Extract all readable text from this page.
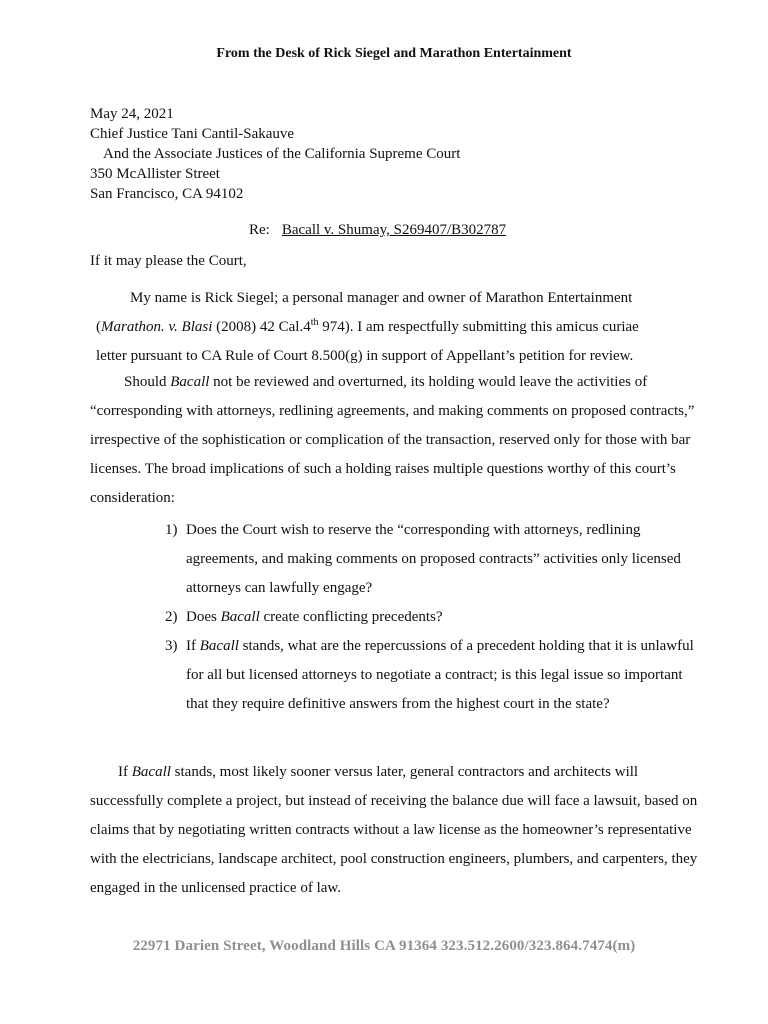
From the Desk of Rick Siegel and Marathon Entertainment
May 24, 2021
Chief Justice Tani Cantil-Sakauve
And the Associate Justices of the California Supreme Court
350 McAllister Street
San Francisco, CA 94102
Re: Bacall v. Shumay, S269407/B302787
If it may please the Court,
My name is Rick Siegel; a personal manager and owner of Marathon Entertainment
(Marathon. v. Blasi (2008) 42 Cal.4th 974). I am respectfully submitting this amicus curiae
letter pursuant to CA Rule of Court 8.500(g) in support of Appellant’s petition for review.
Should Bacall not be reviewed and overturned, its holding would leave the activities of “corresponding with attorneys, redlining agreements, and making comments on proposed contracts,” irrespective of the sophistication or complication of the transaction, reserved only for those with bar licenses. The broad implications of such a holding raises multiple questions worthy of this court’s consideration:
1) Does the Court wish to reserve the “corresponding with attorneys, redlining agreements, and making comments on proposed contracts” activities only licensed attorneys can lawfully engage?
2) Does Bacall create conflicting precedents?
3) If Bacall stands, what are the repercussions of a precedent holding that it is unlawful for all but licensed attorneys to negotiate a contract; is this legal issue so important that they require definitive answers from the highest court in the state?
If Bacall stands, most likely sooner versus later, general contractors and architects will successfully complete a project, but instead of receiving the balance due will face a lawsuit, based on claims that by negotiating written contracts without a law license as the homeowner’s representative with the electricians, landscape architect, pool construction engineers, plumbers, and carpenters, they engaged in the unlicensed practice of law.
22971 Darien Street, Woodland Hills CA 91364 323.512.2600/323.864.7474(m)
